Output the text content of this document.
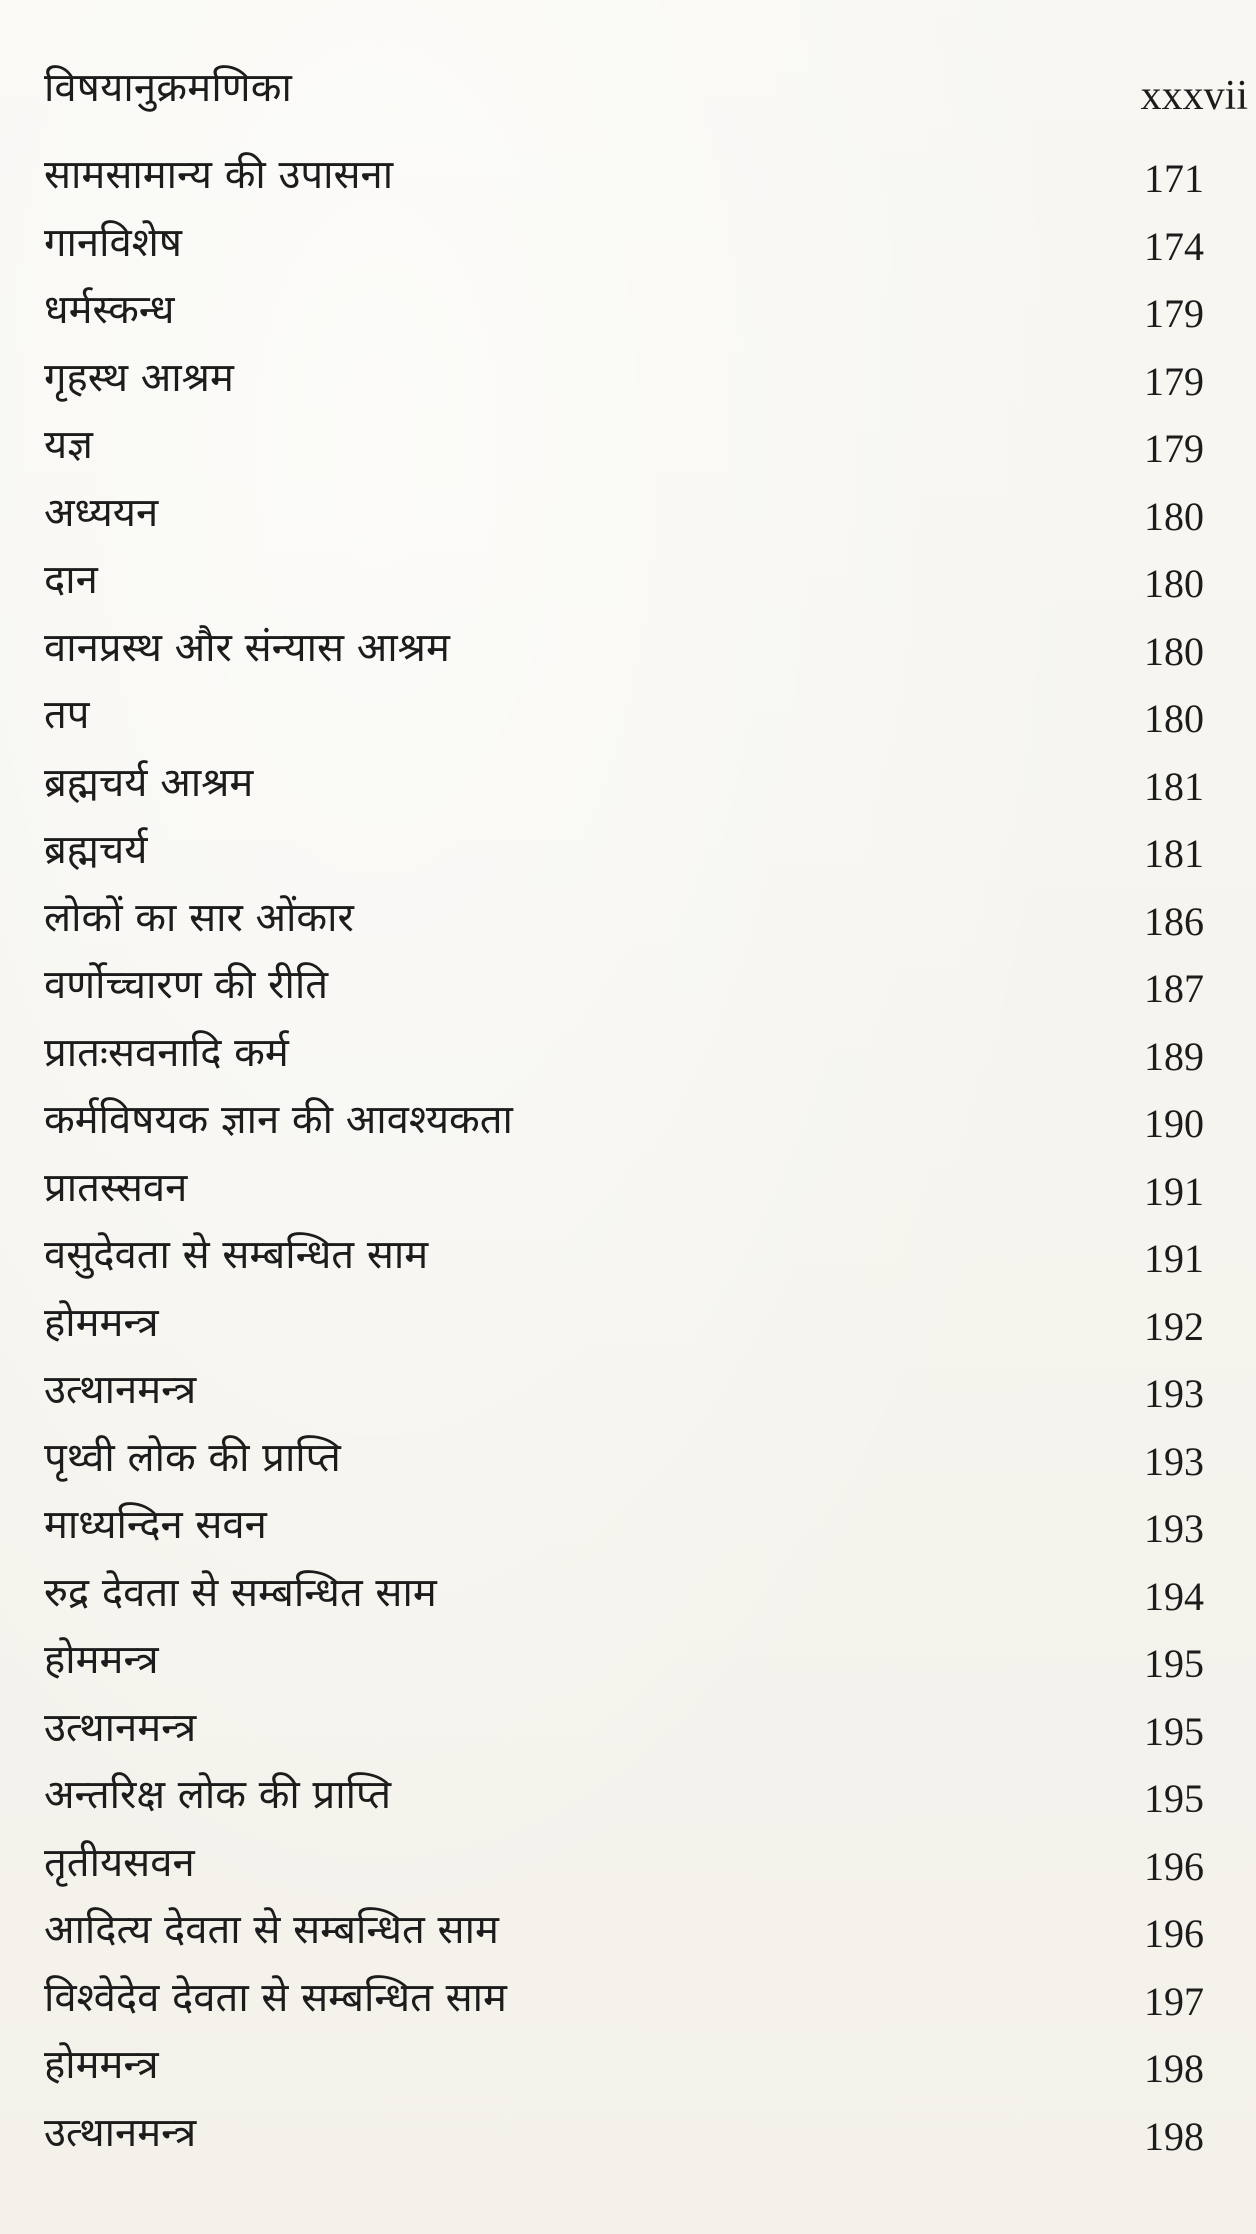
विषयानुक्रमणिका	xxxvii
सामसामान्य की उपासना	171
गानविशेष	174
धर्मस्कन्ध	179
गृहस्थ आश्रम	179
यज्ञ	179
अध्ययन	180
दान	180
वानप्रस्थ और संन्यास आश्रम	180
तप	180
ब्रह्मचर्य आश्रम	181
ब्रह्मचर्य	181
लोकों का सार ओंकार	186
वर्णोच्चारण की रीति	187
प्रातःसवनादि कर्म	189
कर्मविषयक ज्ञान की आवश्यकता	190
प्रातस्सवन	191
वसुदेवता से सम्बन्धित साम	191
होममन्त्र	192
उत्थानमन्त्र	193
पृथ्वी लोक की प्राप्ति	193
माध्यन्दिन सवन	193
रुद्र देवता से सम्बन्धित साम	194
होममन्त्र	195
उत्थानमन्त्र	195
अन्तरिक्ष लोक की प्राप्ति	195
तृतीयसवन	196
आदित्य देवता से सम्बन्धित साम	196
विश्वेदेव देवता से सम्बन्धित साम	197
होममन्त्र	198
उत्थानमन्त्र	198
